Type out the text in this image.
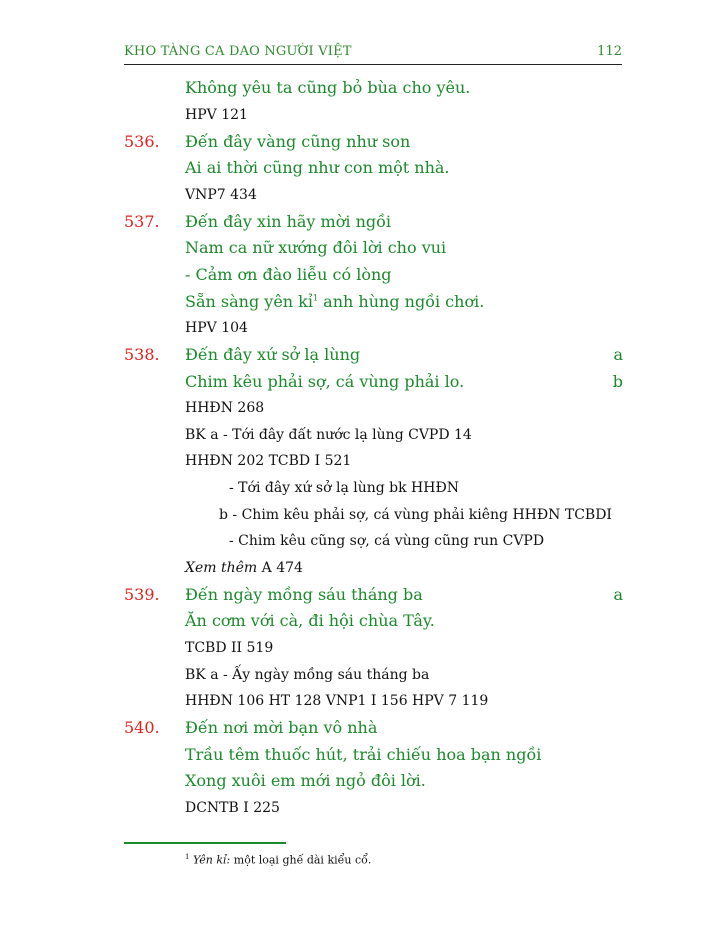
KHO TÀNG CA DAO NGƯỜI VIỆT	112
Không yêu ta cũng bỏ bùa cho yêu.
HPV 121
536. Đến đây vàng cũng như son
Ai ai thời cũng như con một nhà.
VNP7 434
537. Đến đây xin hãy mời ngồi
Nam ca nữ xướng đôi lời cho vui
- Cảm ơn đào liễu có lòng
Sẵn sàng yên kỉ$^1$ anh hùng ngồi chơi.
HPV 104
538. Đến đây xứ sở lạ lùng	a
Chim kêu phải sợ, cá vùng phải lo.	b
HHĐN 268
BK a - Tới đây đất nước lạ lùng CVPD 14
HHĐN 202 TCBD I 521
- Tới đây xứ sở lạ lùng bk HHĐN
b - Chim kêu phải sợ, cá vùng phải kiêng HHĐN TCBDI
- Chim kêu cũng sợ, cá vùng cũng run CVPD
Xem thêm A 474
539. Đến ngày mồng sáu tháng ba	a
Ăn cơm với cà, đi hội chùa Tây.
TCBD II 519
BK a - Ấy ngày mồng sáu tháng ba
HHĐN 106 HT 128 VNP1 I 156 HPV 7 119
540. Đến nơi mời bạn vô nhà
Trầu têm thuốc hút, trải chiếu hoa bạn ngồi
Xong xuôi em mới ngỏ đôi lời.
DCNTB I 225
$^1$ Yên kỉ: một loại ghế dài kiểu cổ.
